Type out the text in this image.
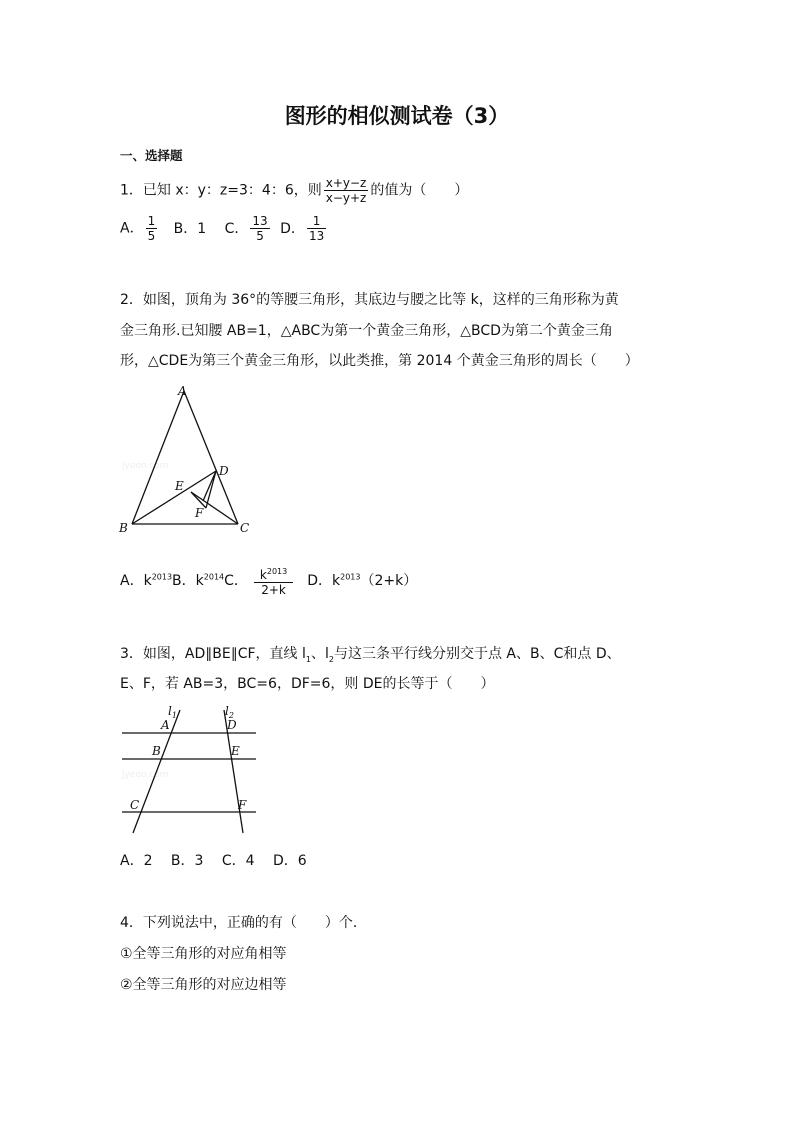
图形的相似测试卷（3）
一、选择题
1．已知 x：y：z=3：4：6，则 $\frac{x+y-z}{x-y+z}$ 的值为（　　）
A． $\frac{1}{5}$ B．1 C． $\frac{13}{5}$ D． $\frac{1}{13}$
2．如图，顶角为 36°的等腰三角形，其底边与腰之比等 k，这样的三角形称为黄
金三角形.已知腰 AB=1，△ABC为第一个黄金三角形，△BCD为第二个黄金三角
形，△CDE为第三个黄金三角形，以此类推，第 2014 个黄金三角形的周长（　　）
jyeoo.com
A
B	C
D
E
F
A．$k^{2013}B$．$k^{2014}C$． $\frac{k^{2013}}{2+k}$ D．$k^{2013}(2+k)$
3．如图，AD∥BE∥CF，直线 $l_1$、$l_2$与这三条平行线分别交于点 A、B、C和点 D、
E、F，若 AB=3，BC=6，DF=6，则 DE的长等于（　　）
jyeoo.com
$l_1$	$l_2$
A	D
B	E
C	F
A．2　 B．3　 C．4　 D．6
4．下列说法中，正确的有（　　）个．
①全等三角形的对应角相等
②全等三角形的对应边相等
